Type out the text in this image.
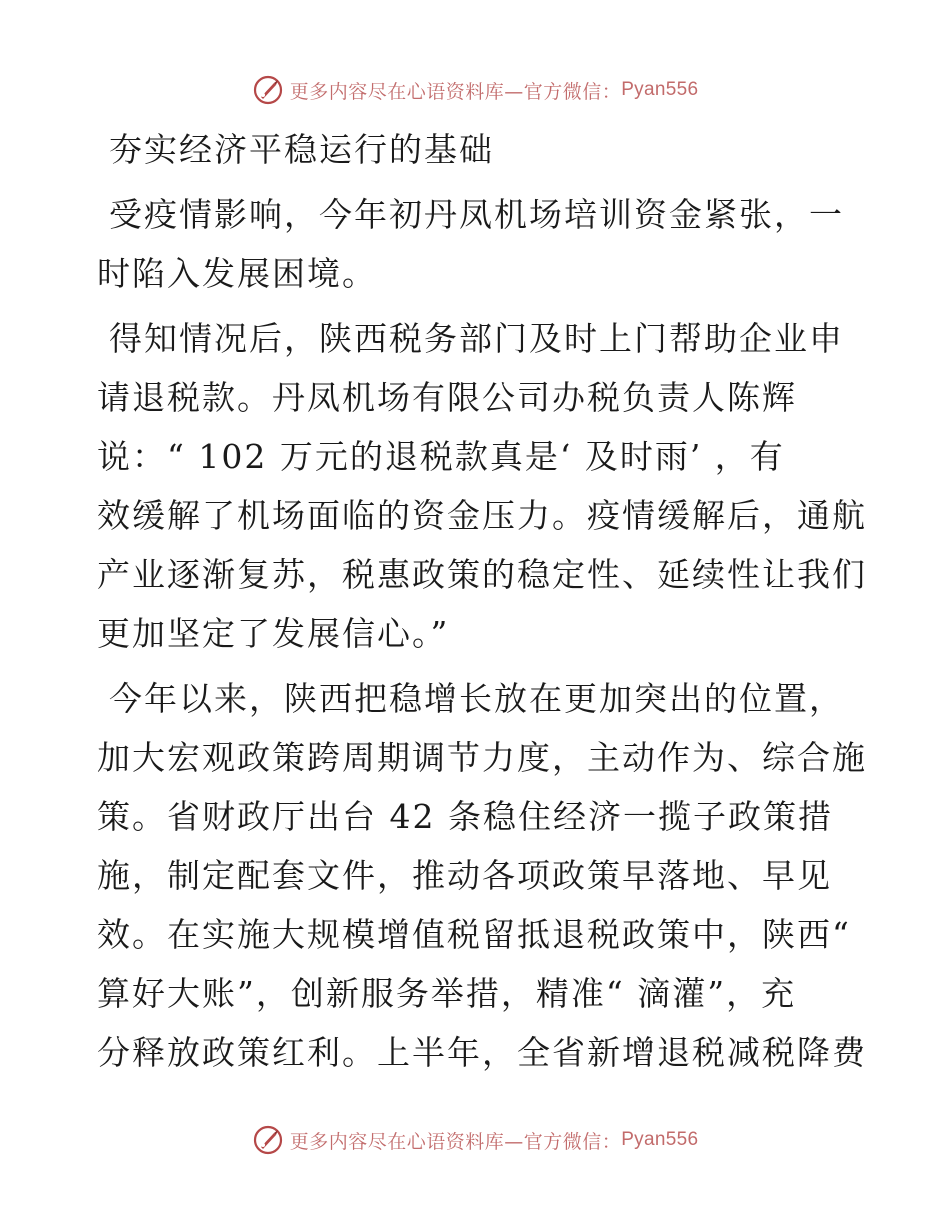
更多内容尽在心语资料库—官方微信： Pyan556
夯实经济平稳运行的基础
受疫情影响，今年初丹凤机场培训资金紧张，一
时陷入发展困境。
得知情况后，陕西税务部门及时上门帮助企业申
请退税款。丹凤机场有限公司办税负责人陈辉
说：“ 102 万元的退税款真是‘ 及时雨’ ，有
效缓解了机场面临的资金压力。疫情缓解后，通航
产业逐渐复苏，税惠政策的稳定性、延续性让我们
更加坚定了发展信心。”
今年以来，陕西把稳增长放在更加突出的位置，
加大宏观政策跨周期调节力度，主动作为、综合施
策。省财政厅出台 42 条稳住经济一揽子政策措
施，制定配套文件，推动各项政策早落地、早见
效。在实施大规模增值税留抵退税政策中，陕西“
算好大账”，创新服务举措，精准“ 滴灌”，充
分释放政策红利。上半年，全省新增退税减税降费
更多内容尽在心语资料库—官方微信： Pyan556
